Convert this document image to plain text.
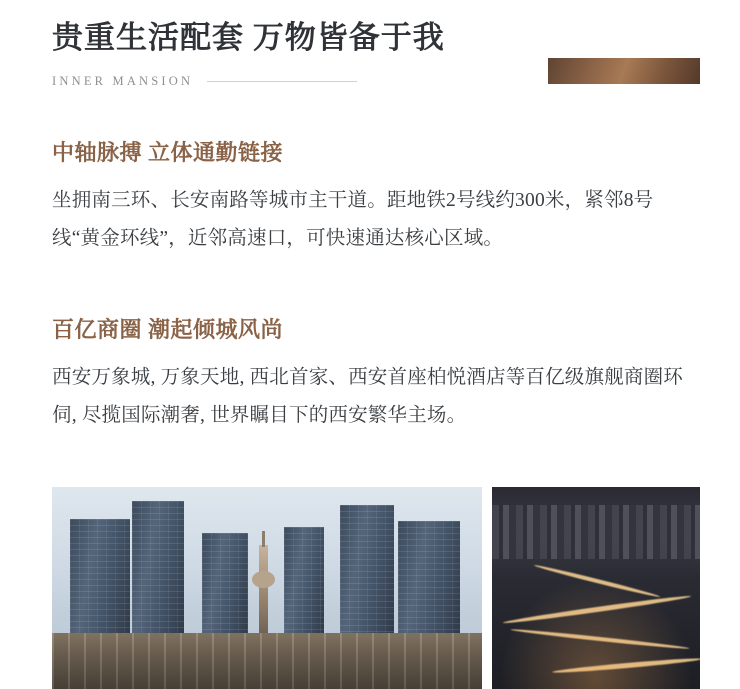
贵重生活配套 万物皆备于我
INNER MANSION
中轴脉搏 立体通勤链接
坐拥南三环、长安南路等城市主干道。距地铁2号线约300米，紧邻8号线“黄金环线”，近邻高速口，可快速通达核心区域。
百亿商圈 潮起倾城风尚
西安万象城, 万象天地, 西北首家、西安首座柏悦酒店等百亿级旗舰商圈环伺, 尽揽国际潮奢, 世界瞩目下的西安繁华主场。
